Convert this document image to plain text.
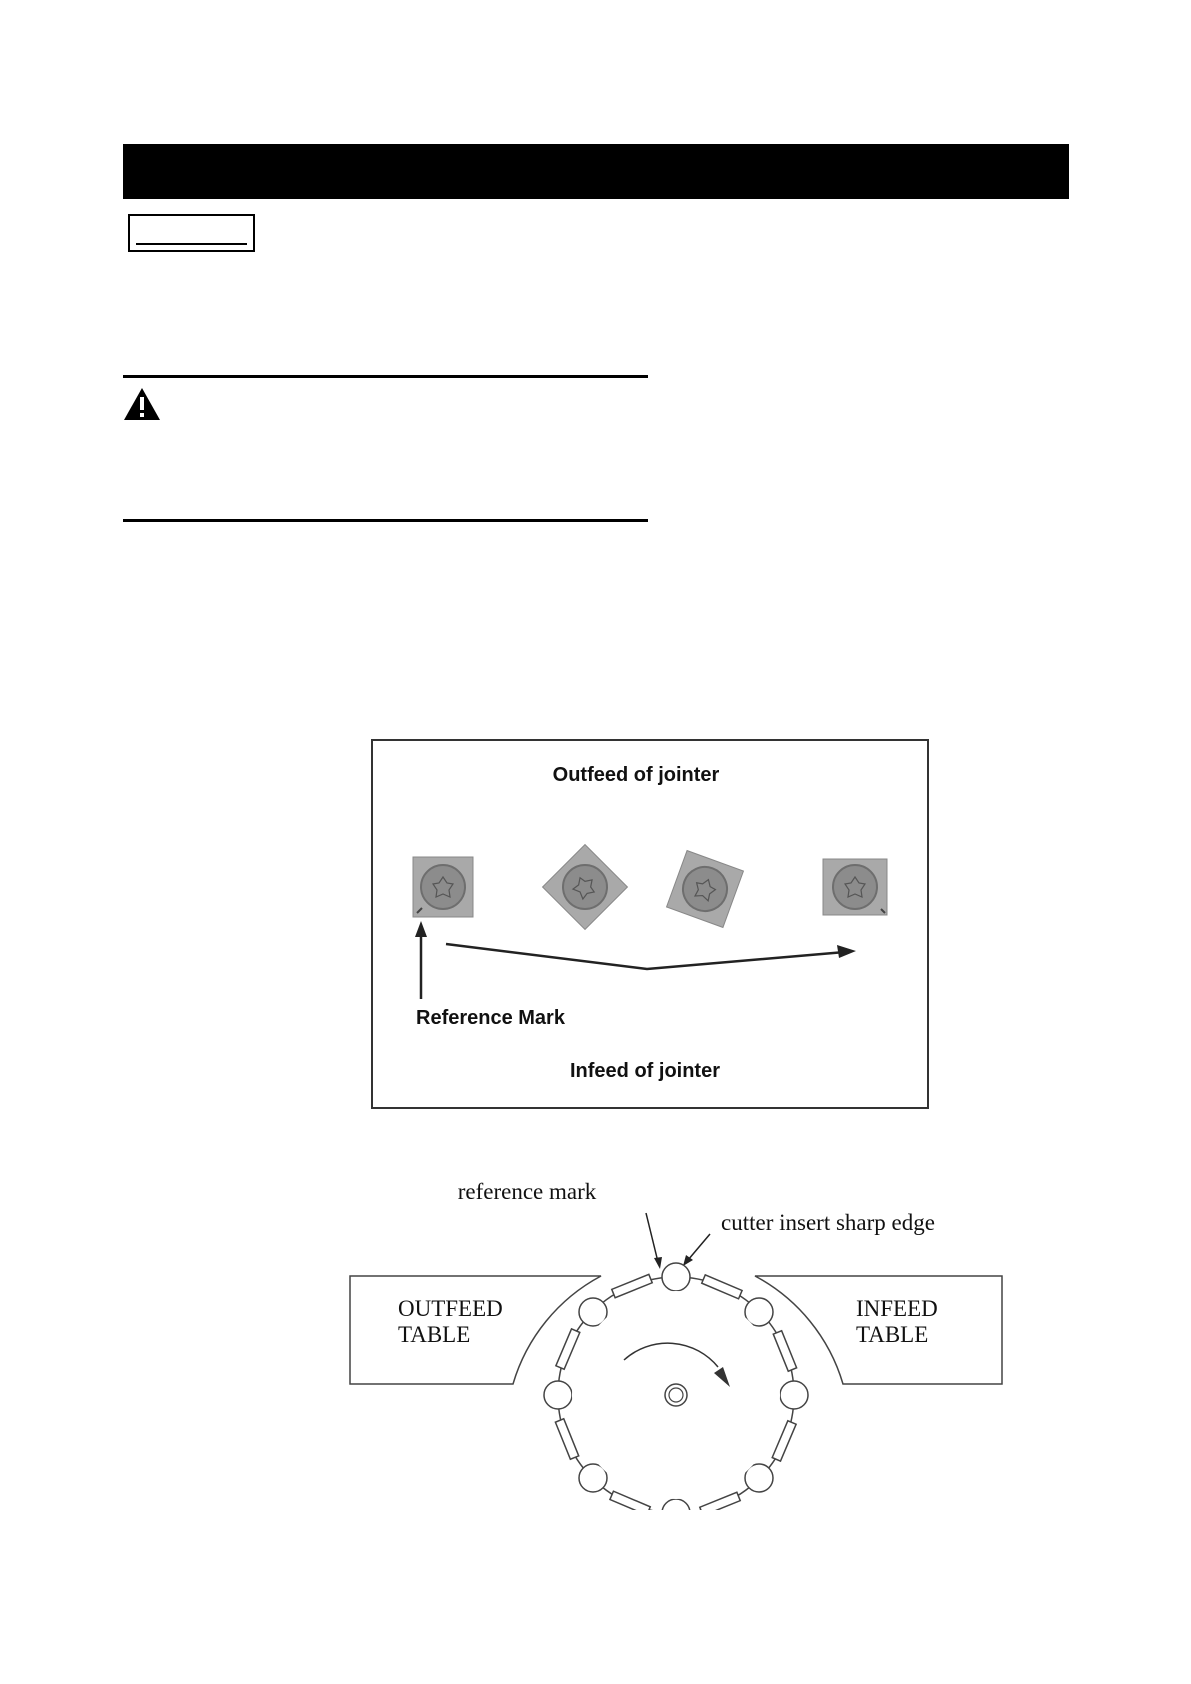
Outfeed of jointer
Reference Mark
Infeed of jointer
reference mark
cutter insert sharp edge
OUTFEED
TABLE
INFEED
TABLE
